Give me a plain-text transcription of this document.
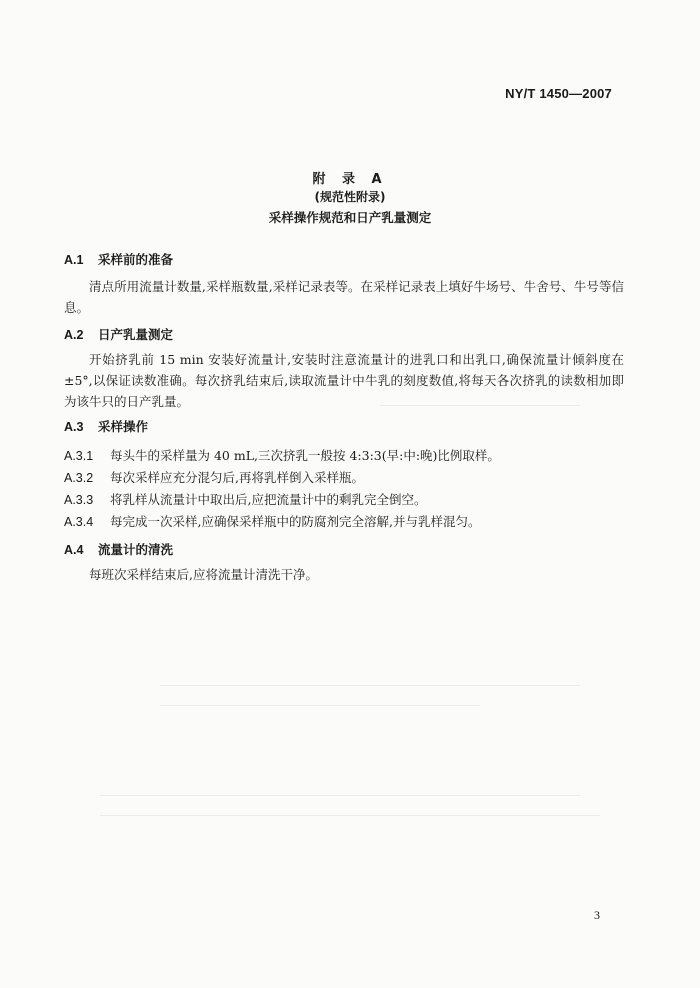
NY/T 1450—2007
附 录 A
(规范性附录)
采样操作规范和日产乳量测定
A.1 采样前的准备
清点所用流量计数量,采样瓶数量,采样记录表等。在采样记录表上填好牛场号、牛舍号、牛号等信息。
A.2 日产乳量测定
开始挤乳前 15 min 安装好流量计,安装时注意流量计的进乳口和出乳口,确保流量计倾斜度在±5°,以保证读数准确。每次挤乳结束后,读取流量计中牛乳的刻度数值,将每天各次挤乳的读数相加即为该牛只的日产乳量。
A.3 采样操作
A.3.1 每头牛的采样量为 40 mL,三次挤乳一般按 4:3:3(早:中:晚)比例取样。
A.3.2 每次采样应充分混匀后,再将乳样倒入采样瓶。
A.3.3 将乳样从流量计中取出后,应把流量计中的剩乳完全倒空。
A.3.4 每完成一次采样,应确保采样瓶中的防腐剂完全溶解,并与乳样混匀。
A.4 流量计的清洗
每班次采样结束后,应将流量计清洗干净。
3
